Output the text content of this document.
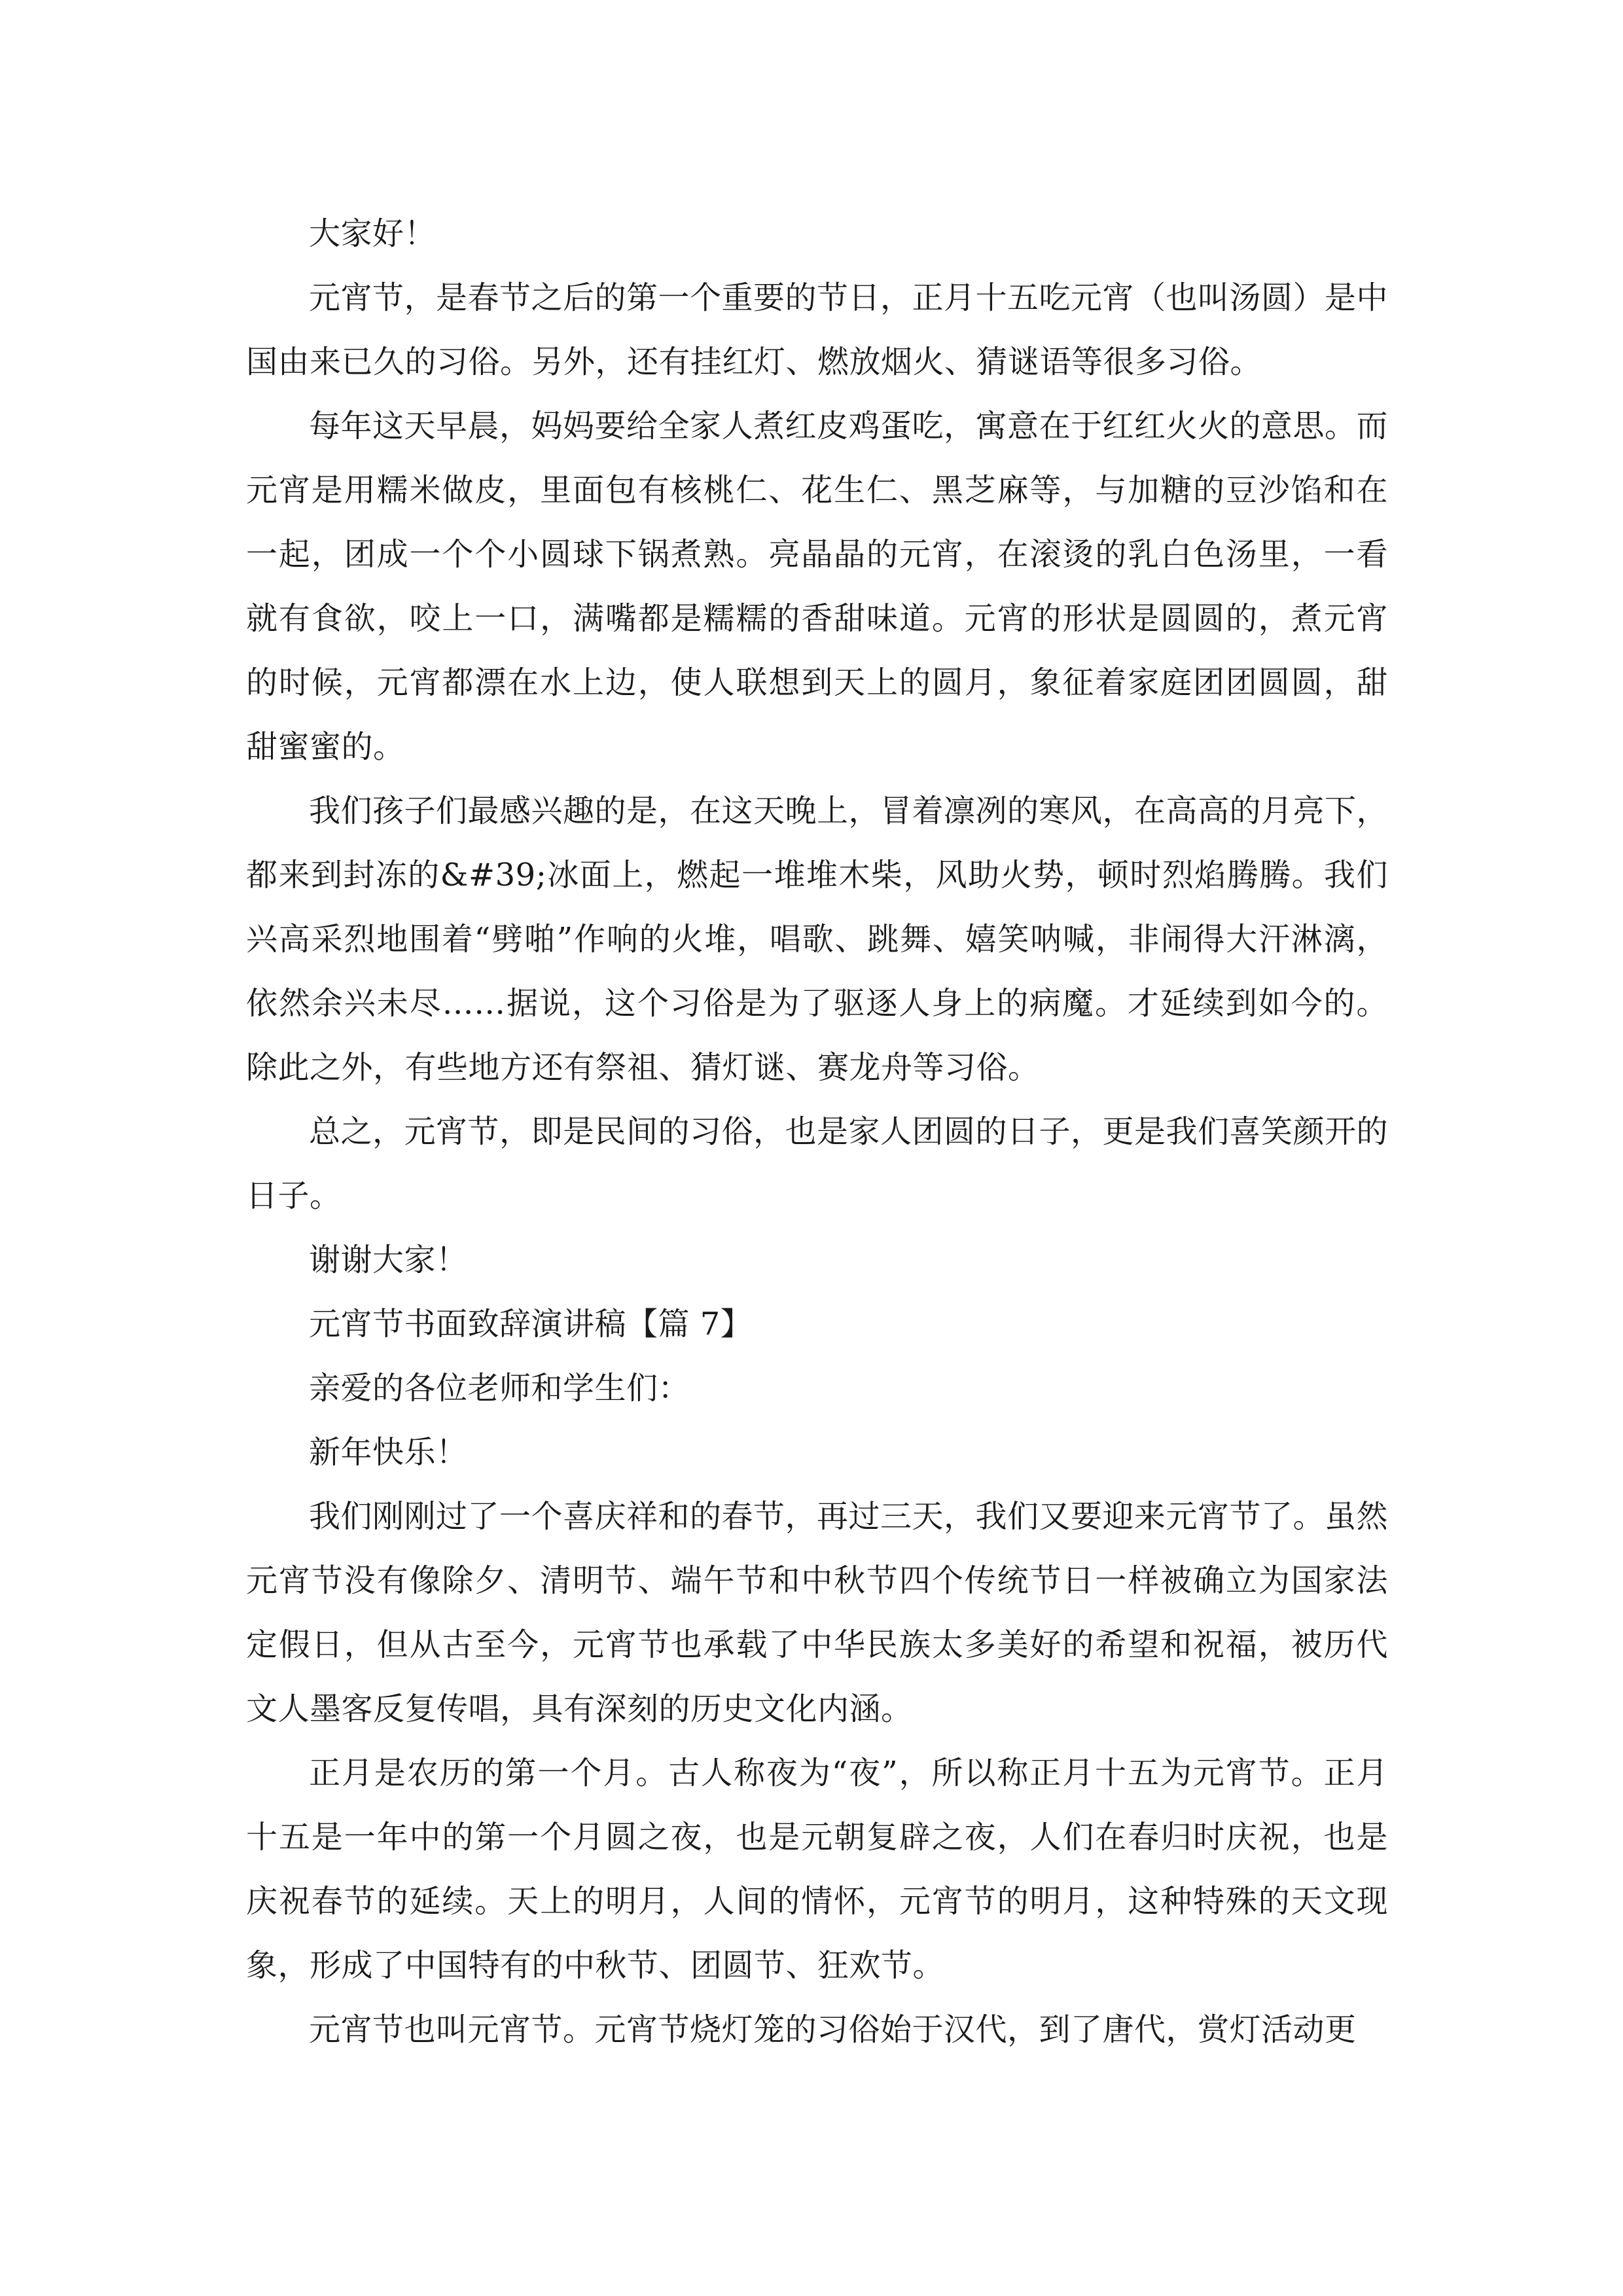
大家好！

元宵节，是春节之后的第一个重要的节日，正月十五吃元宵（也叫汤圆）是中国由来已久的习俗。另外，还有挂红灯、燃放烟火、猜谜语等很多习俗。

每年这天早晨，妈妈要给全家人煮红皮鸡蛋吃，寓意在于红红火火的意思。而元宵是用糯米做皮，里面包有核桃仁、花生仁、黑芝麻等，与加糖的豆沙馅和在一起，团成一个个小圆球下锅煮熟。亮晶晶的元宵，在滚烫的乳白色汤里，一看就有食欲，咬上一口，满嘴都是糯糯的香甜味道。元宵的形状是圆圆的，煮元宵的时候，元宵都漂在水上边，使人联想到天上的圆月，象征着家庭团团圆圆，甜甜蜜蜜的。

我们孩子们最感兴趣的是，在这天晚上，冒着凛冽的寒风，在高高的月亮下，都来到封冻的&#39;冰面上，燃起一堆堆木柴，风助火势，顿时烈焰腾腾。我们兴高采烈地围着“劈啪”作响的火堆，唱歌、跳舞、嬉笑呐喊，非闹得大汗淋漓，依然余兴未尽……据说，这个习俗是为了驱逐人身上的病魔。才延续到如今的。除此之外，有些地方还有祭祖、猜灯谜、赛龙舟等习俗。

总之，元宵节，即是民间的习俗，也是家人团圆的日子，更是我们喜笑颜开的日子。

谢谢大家！

元宵节书面致辞演讲稿【篇 7】

亲爱的各位老师和学生们：

新年快乐！

我们刚刚过了一个喜庆祥和的春节，再过三天，我们又要迎来元宵节了。虽然元宵节没有像除夕、清明节、端午节和中秋节四个传统节日一样被确立为国家法定假日，但从古至今，元宵节也承载了中华民族太多美好的希望和祝福，被历代文人墨客反复传唱，具有深刻的历史文化内涵。

正月是农历的第一个月。古人称夜为“夜”，所以称正月十五为元宵节。正月十五是一年中的第一个月圆之夜，也是元朝复辟之夜，人们在春归时庆祝，也是庆祝春节的延续。天上的明月，人间的情怀，元宵节的明月，这种特殊的天文现象，形成了中国特有的中秋节、团圆节、狂欢节。

元宵节也叫元宵节。元宵节烧灯笼的习俗始于汉代，到了唐代，赏灯活动更
